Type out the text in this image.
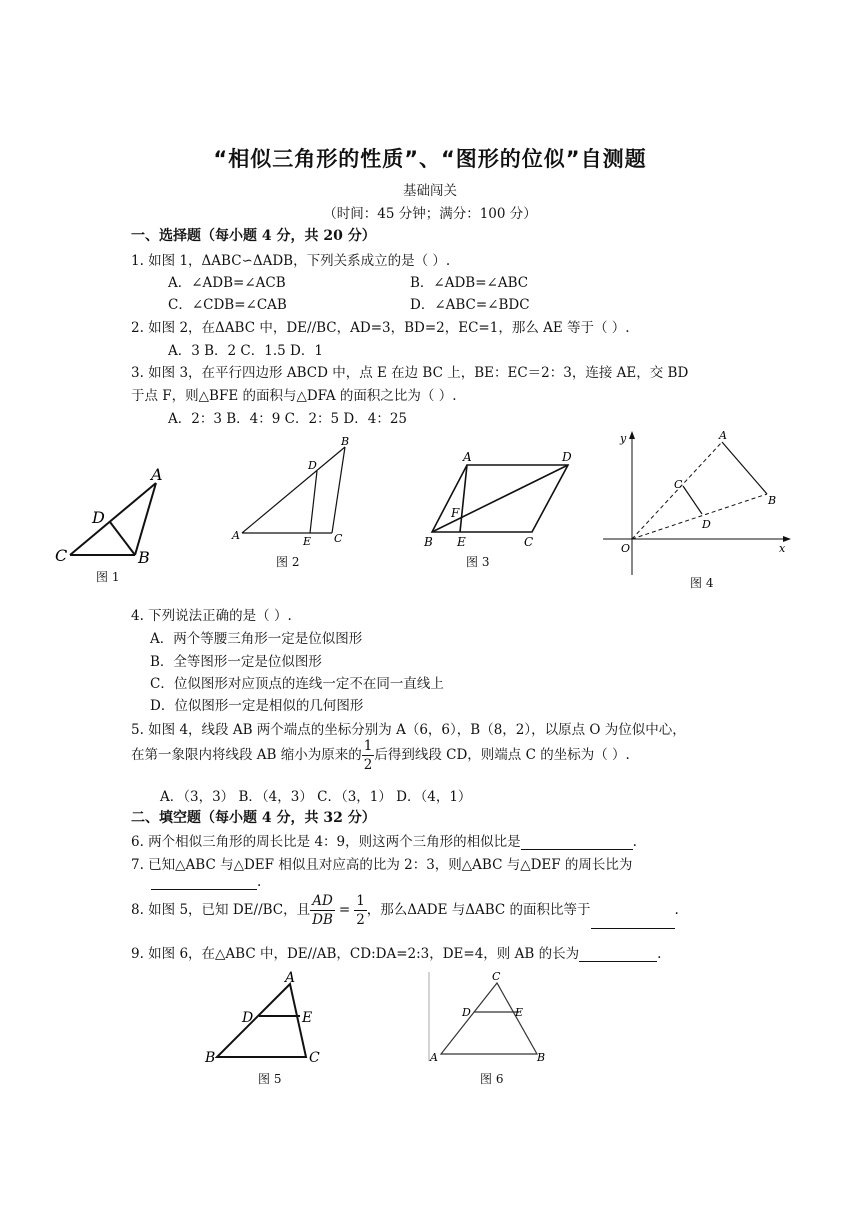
“相似三角形的性质”、“图形的位似”自测题
基础闯关
（时间：45 分钟；满分：100 分）
一、选择题（每小题 4 分，共 20 分）
1. 如图 1，ΔABC∽ΔADB，下列关系成立的是（ ）.
A．∠ADB=∠ACB	B．∠ADB=∠ABC
C．∠CDB=∠CAB	D．∠ABC=∠BDC
2. 如图 2，在ΔABC 中，DE//BC，AD=3，BD=2，EC=1，那么 AE 等于（ ）.
A．3 B．2 C．1.5 D．1
3. 如图 3，在平行四边形 ABCD 中，点 E 在边 BC 上，BE：EC＝2：3，连接 AE，交 BD
于点 F，则△BFE 的面积与△DFA 的面积之比为（ ）.
A．2：3 B．4：9 C．2：5 D．4：25
A
D
C	B
图 1
B
D
A	E C
图 2
A	D
F
B E	C
图 3
y	A
C
B
D
O	x
图 4
4. 下列说法正确的是（ ）.
A．两个等腰三角形一定是位似图形
B．全等图形一定是位似图形
C．位似图形对应顶点的连线一定不在同一直线上
D．位似图形一定是相似的几何图形
5. 如图 4，线段 AB 两个端点的坐标分别为 A（6，6），B（8，2），以原点 O 为位似中心，
在第一象限内将线段 AB 缩小为原来的 $\frac{1}{2}$ 后得到线段 CD，则端点 C 的坐标为（ ）.
A．（3，3） B．（4，3） C．（3，1） D．（4，1）
二、填空题（每小题 4 分，共 32 分）
6. 两个相似三角形的周长比是 4：9，则这两个三角形的相似比是	.
7. 已知△ABC 与△DEF 相似且对应高的比为 2：3，则△ABC 与△DEF 的周长比为
.
8. 如图 5，已知 DE//BC，且 $\frac{AD}{DB} = \frac{1}{2}$ ，那么ΔADE 与ΔABC 的面积比等于	.
9. 如图 6，在△ABC 中，DE//AB，CD:DA=2:3，DE=4，则 AB 的长为	.
A
D	E
B	C
图 5
C
D	E
A	B
图 6
